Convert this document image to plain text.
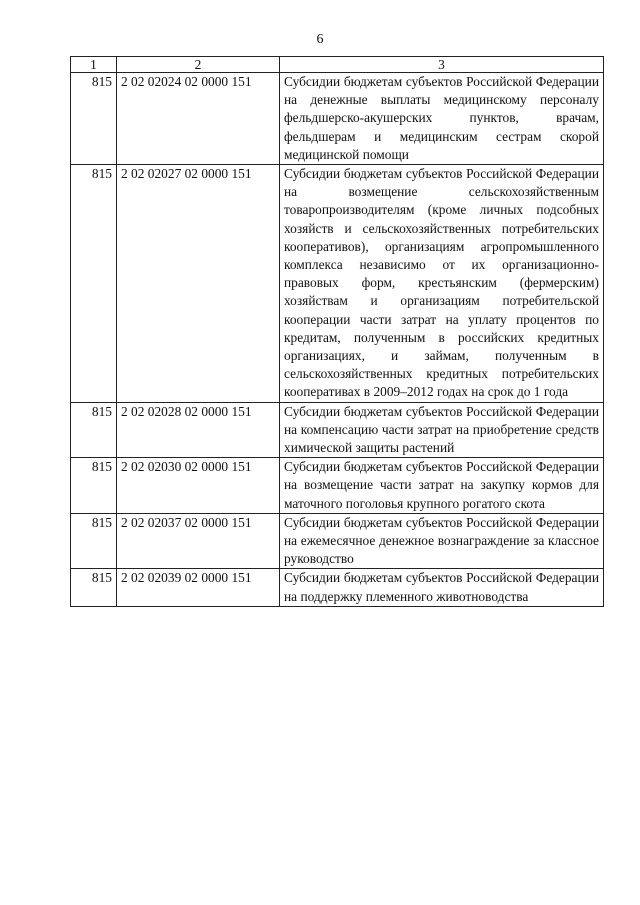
6
1	2	3
815	2 02 02024 02 0000 151	Субсидии бюджетам субъектов Российской Федерации на денежные выплаты медицинскому персоналу фельдшерско-акушерских пунктов, врачам, фельдшерам и медицинским сестрам скорой медицинской помощи
815	2 02 02027 02 0000 151	Субсидии бюджетам субъектов Российской Федерации на возмещение сельскохозяйственным товаропроизводителям (кроме личных подсобных хозяйств и сельскохозяйственных потребительских кооперативов), организациям агропромышленного комплекса независимо от их организационно-правовых форм, крестьянским (фермерским) хозяйствам и организациям потребительской кооперации части затрат на уплату процентов по кредитам, полученным в российских кредитных организациях, и займам, полученным в сельскохозяйственных кредитных потребительских кооперативах в 2009–2012 годах на срок до 1 года
815	2 02 02028 02 0000 151	Субсидии бюджетам субъектов Российской Федерации на компенсацию части затрат на приобретение средств химической защиты растений
815	2 02 02030 02 0000 151	Субсидии бюджетам субъектов Российской Федерации на возмещение части затрат на закупку кормов для маточного поголовья крупного рогатого скота
815	2 02 02037 02 0000 151	Субсидии бюджетам субъектов Российской Федерации на ежемесячное денежное вознаграждение за классное руководство
815	2 02 02039 02 0000 151	Субсидии бюджетам субъектов Российской Федерации на поддержку племенного животноводства
